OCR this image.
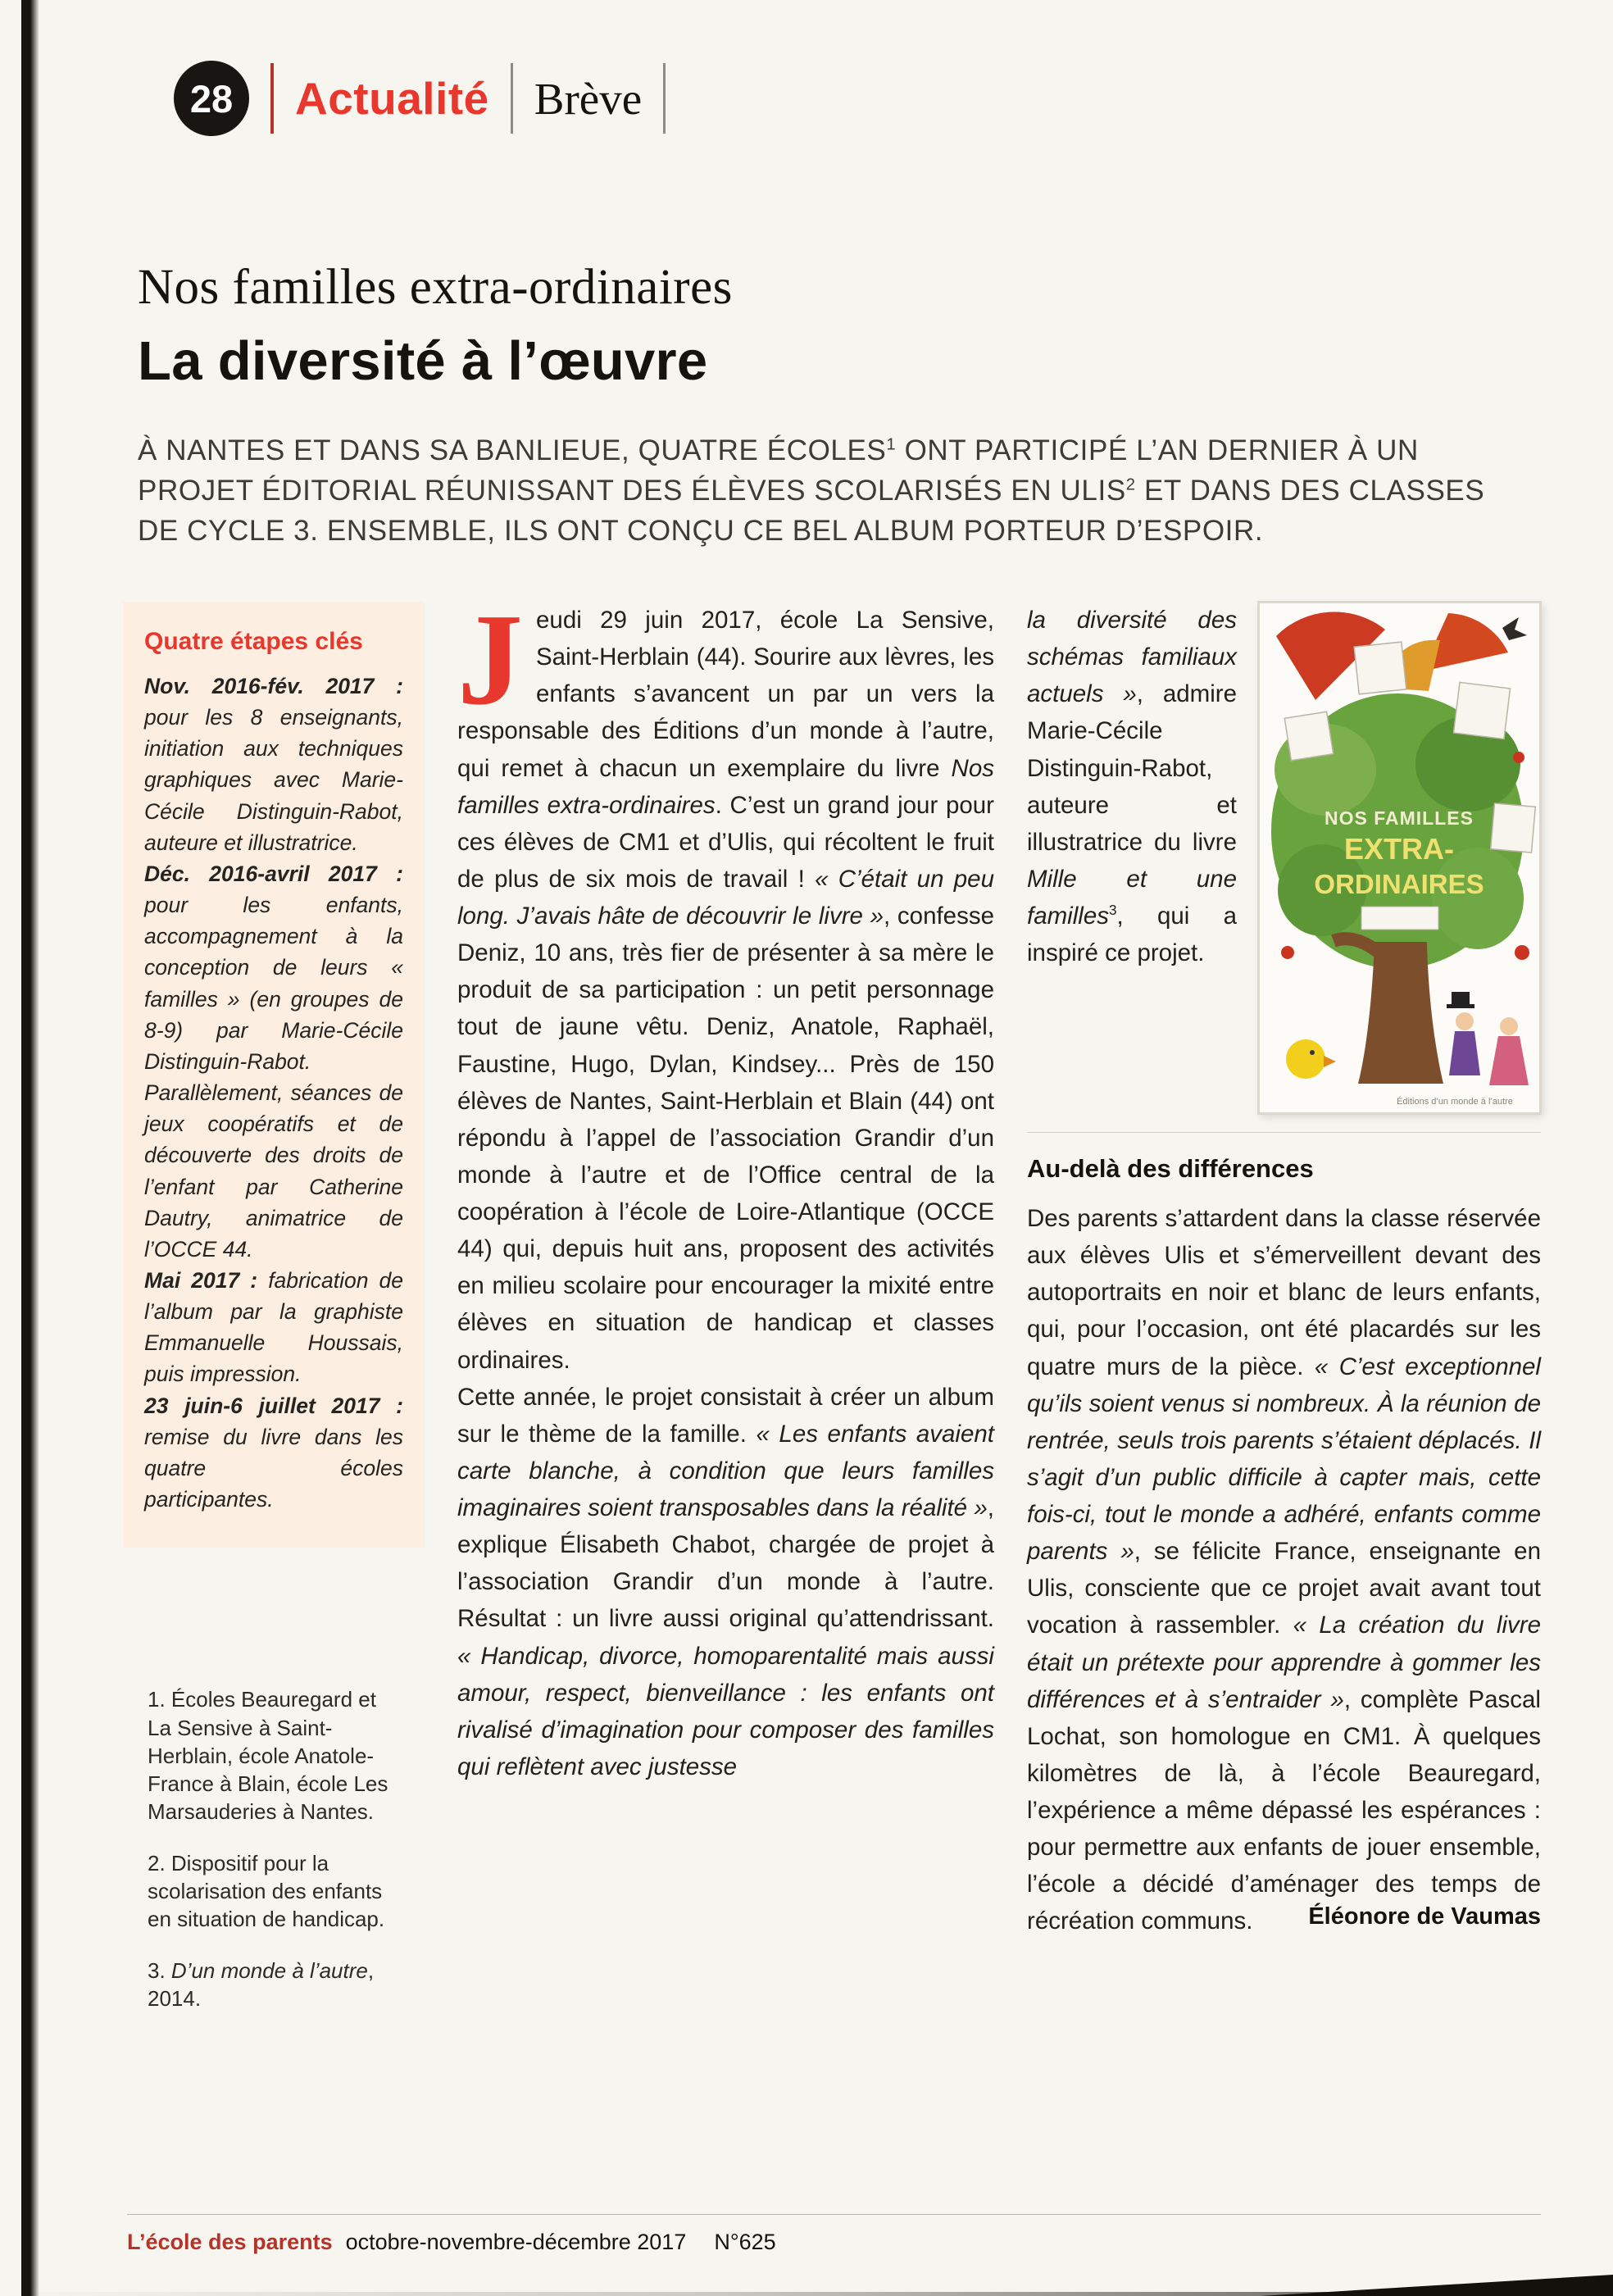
28 Actualité Brève
Nos familles extra-ordinaires
La diversité à l’œuvre

À NANTES ET DANS SA BANLIEUE, QUATRE ÉCOLES$^1$ ONT PARTICIPÉ L’AN DERNIER À UN PROJET ÉDITORIAL RÉUNISSANT DES ÉLÈVES SCOLARISÉS EN ULIS$^2$ ET DANS DES CLASSES DE CYCLE 3. ENSEMBLE, ILS ONT CONÇU CE BEL ALBUM PORTEUR D’ESPOIR.

Quatre étapes clés

Nov. 2016-fév. 2017 : pour les 8 enseignants, initiation aux techniques graphiques avec Marie-Cécile Distinguin-Rabot, auteure et illustratrice.

Déc. 2016-avril 2017 : pour les enfants, accompagnement à la conception de leurs « familles » (en groupes de 8-9) par Marie-Cécile Distinguin-Rabot. Parallèlement, séances de jeux coopératifs et de découverte des droits de l’enfant par Catherine Dautry, animatrice de l’OCCE 44.

Mai 2017 : fabrication de l’album par la graphiste Emmanuelle Houssais, puis impression.

23 juin-6 juillet 2017 : remise du livre dans les quatre écoles participantes.

1. Écoles Beauregard et La Sensive à Saint-Herblain, école Anatole-France à Blain, école Les Marsauderies à Nantes.

2. Dispositif pour la scolarisation des enfants en situation de handicap.

3. D’un monde à l’autre, 2014.

Jeudi 29 juin 2017, école La Sensive, Saint-Herblain (44). Sourire aux lèvres, les enfants s’avancent un par un vers la responsable des Éditions d’un monde à l’autre, qui remet à chacun un exemplaire du livre Nos familles extra-ordinaires. C’est un grand jour pour ces élèves de CM1 et d’Ulis, qui récoltent le fruit de plus de six mois de travail ! « C’était un peu long. J’avais hâte de découvrir le livre », confesse Deniz, 10 ans, très fier de présenter à sa mère le produit de sa participation : un petit personnage tout de jaune vêtu. Deniz, Anatole, Raphaël, Faustine, Hugo, Dylan, Kindsey... Près de 150 élèves de Nantes, Saint-Herblain et Blain (44) ont répondu à l’appel de l’association Grandir d’un monde à l’autre et de l’Office central de la coopération à l’école de Loire-Atlantique (OCCE 44) qui, depuis huit ans, proposent des activités en milieu scolaire pour encourager la mixité entre élèves en situation de handicap et classes ordinaires.

Cette année, le projet consistait à créer un album sur le thème de la famille. « Les enfants avaient carte blanche, à condition que leurs familles imaginaires soient transposables dans la réalité », explique Élisabeth Chabot, chargée de projet à l’association Grandir d’un monde à l’autre. Résultat : un livre aussi original qu’attendrissant. « Handicap, divorce, homoparentalité mais aussi amour, respect, bienveillance : les enfants ont rivalisé d’imagination pour composer des familles qui reflètent avec justesse

NOS FAMILLES
EXTRA-
ORDINAIRES
Éditions d’un monde à l’autre

la diversité des schémas familiaux actuels », admire Marie-Cécile Distinguin-Rabot, auteure et illustratrice du livre Mille et une familles$^3$, qui a inspiré ce projet.

Au-delà des différences

Des parents s’attardent dans la classe réservée aux élèves Ulis et s’émerveillent devant des autoportraits en noir et blanc de leurs enfants, qui, pour l’occasion, ont été placardés sur les quatre murs de la pièce. « C’est exceptionnel qu’ils soient venus si nombreux. À la réunion de rentrée, seuls trois parents s’étaient déplacés. Il s’agit d’un public difficile à capter mais, cette fois-ci, tout le monde a adhéré, enfants comme parents », se félicite France, enseignante en Ulis, consciente que ce projet avait avant tout vocation à rassembler. « La création du livre était un prétexte pour apprendre à gommer les différences et à s’entraider », complète Pascal Lochat, son homologue en CM1. À quelques kilomètres de là, à l’école Beauregard, l’expérience a même dépassé les espérances : pour permettre aux enfants de jouer ensemble, l’école a décidé d’aménager des temps de récréation communs.	Éléonore de Vaumas
L’école des parents octobre-novembre-décembre 2017 N°625
